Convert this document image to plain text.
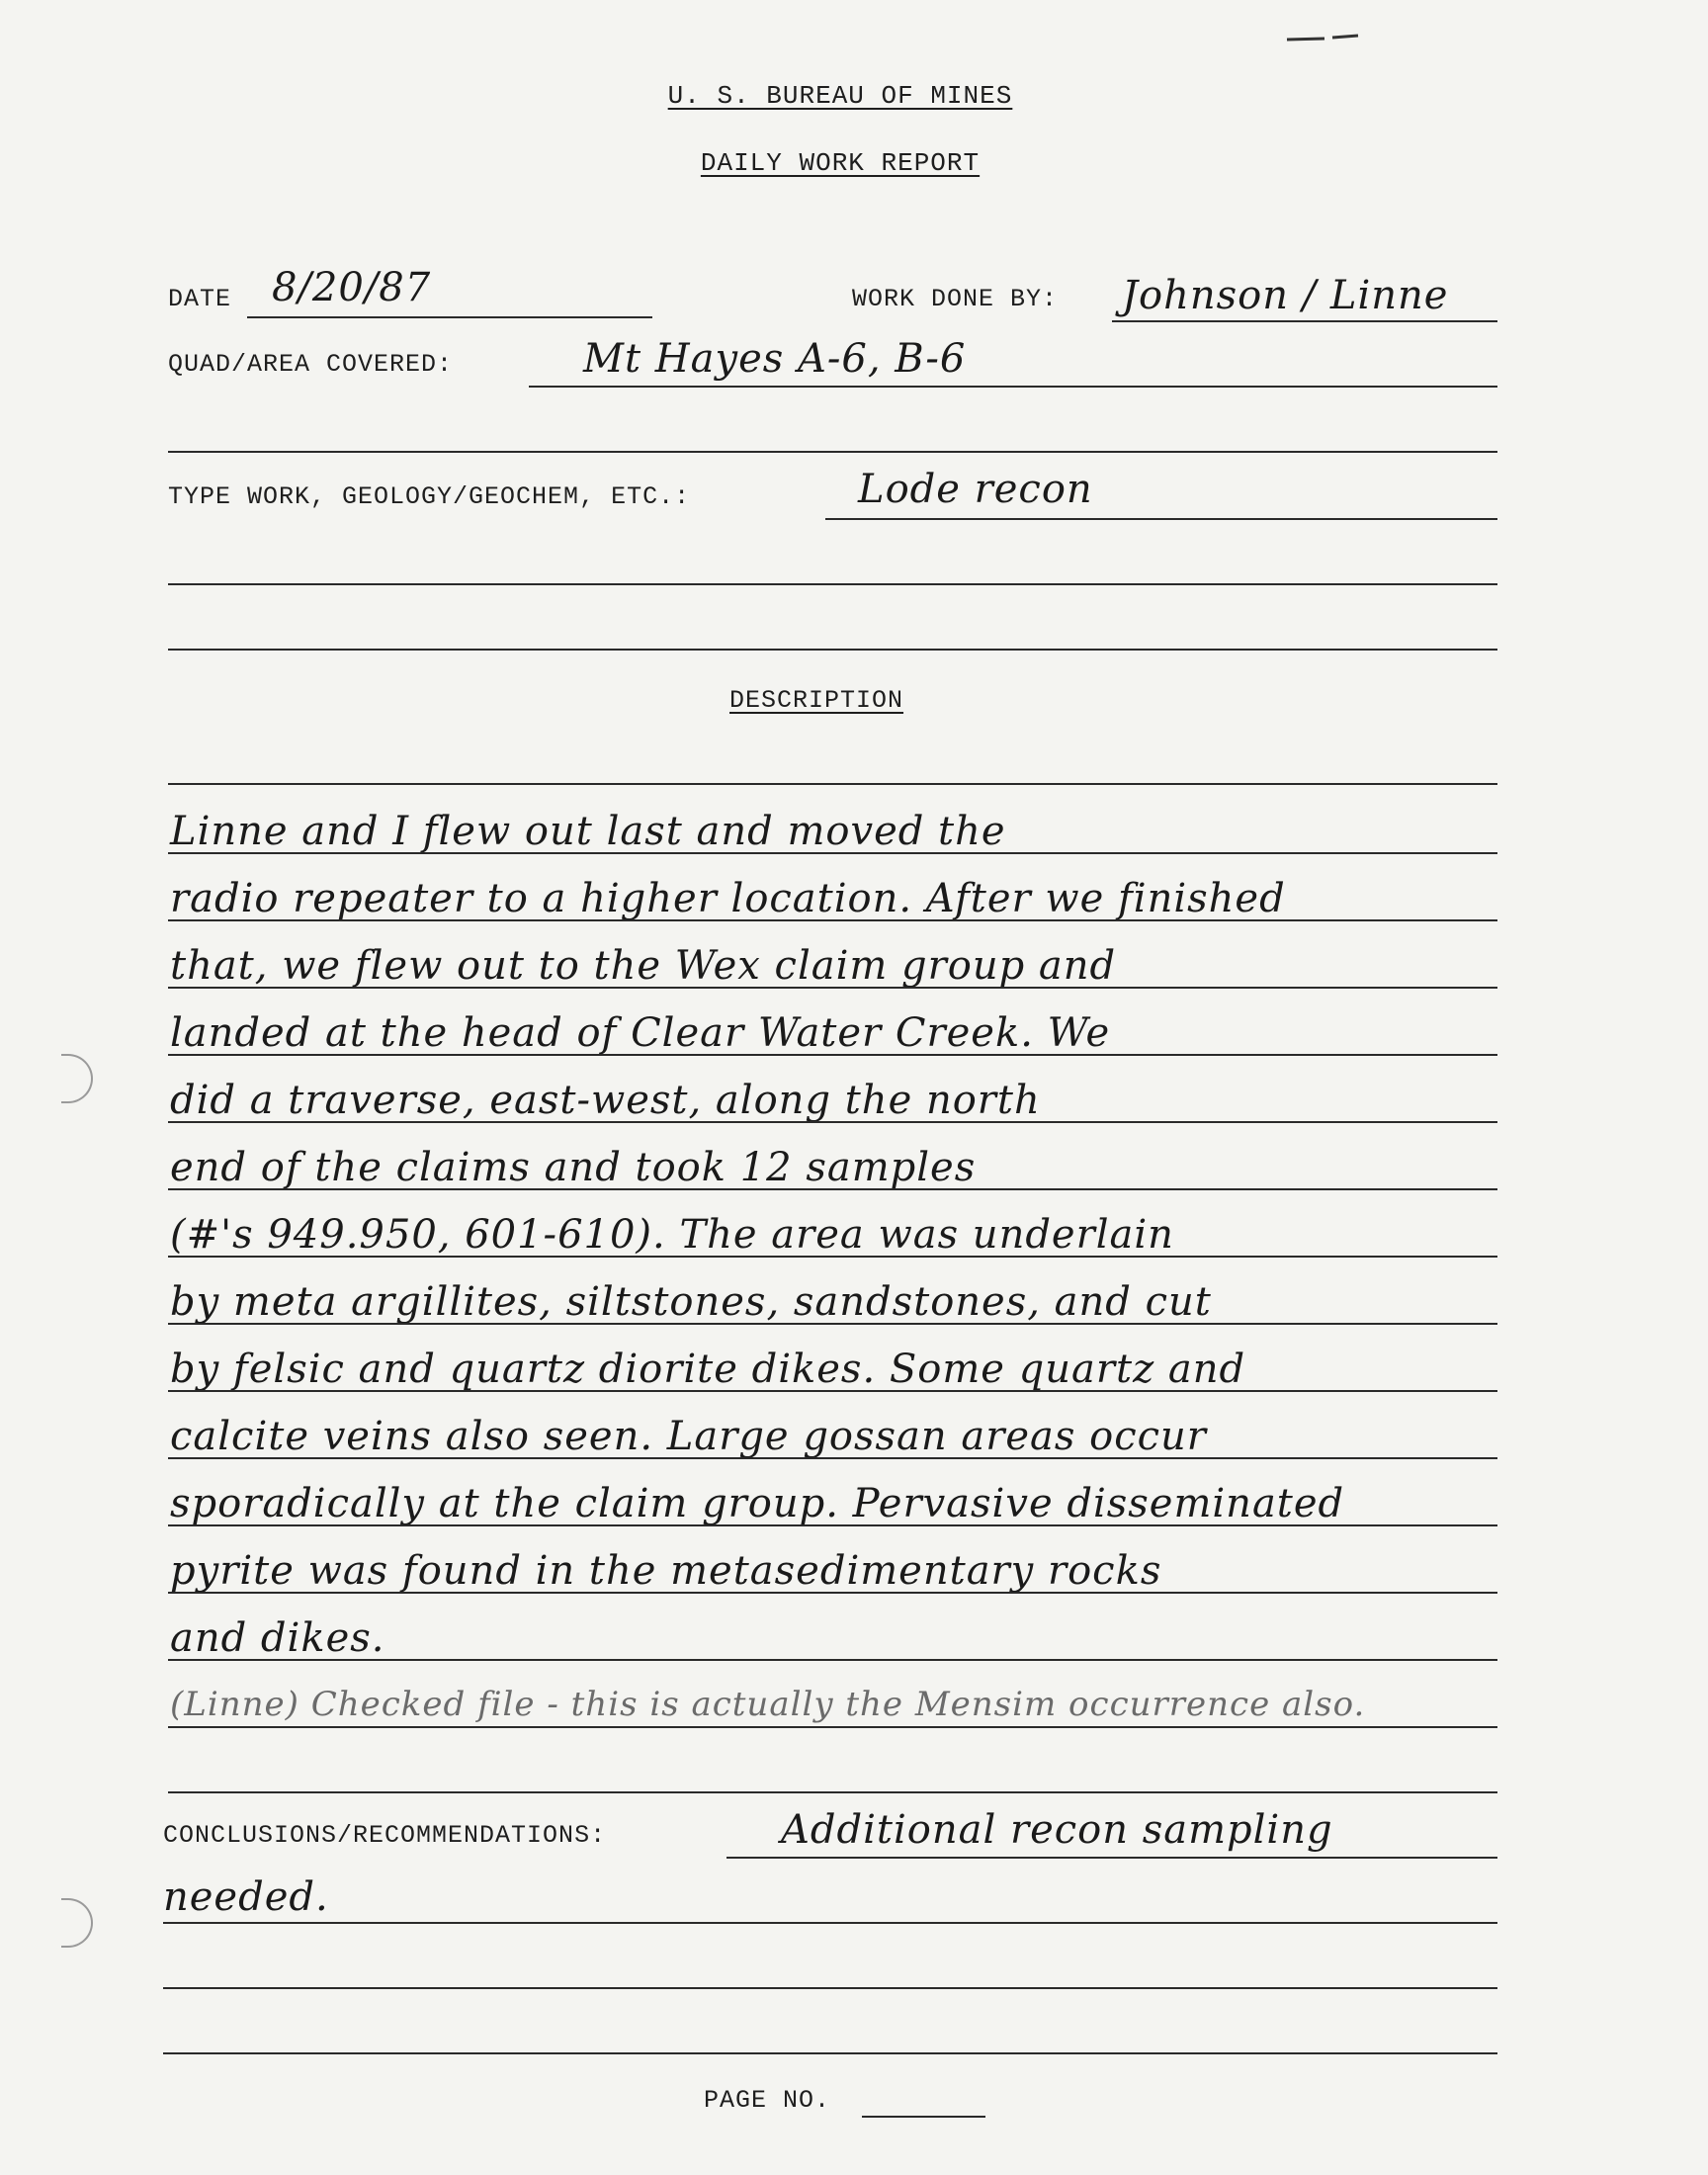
U. S. BUREAU OF MINES
DAILY WORK REPORT
DATE 8/20/87	WORK DONE BY: Johnson / Linne
QUAD/AREA COVERED:	Mt Hayes A-6, B-6
TYPE WORK, GEOLOGY/GEOCHEM, ETC.:	Lode recon
DESCRIPTION
Linne and I flew out last and moved the
radio repeater to a higher location. After we finished
that, we flew out to the Wex claim group and
landed at the head of Clear Water Creek. We
did a traverse, east-west, along the north
end of the claims and took 12 samples
(#'s 949.950, 601-610). The area was underlain
by meta argillites, siltstones, sandstones, and cut
by felsic and quartz diorite dikes. Some quartz and
calcite veins also seen. Large gossan areas occur
sporadically at the claim group. Pervasive disseminated
pyrite was found in the metasedimentary rocks
and dikes.
(Linne) Checked file - this is actually the Mensim occurrence also.
CONCLUSIONS/RECOMMENDATIONS:	Additional recon sampling
needed.
PAGE NO.
